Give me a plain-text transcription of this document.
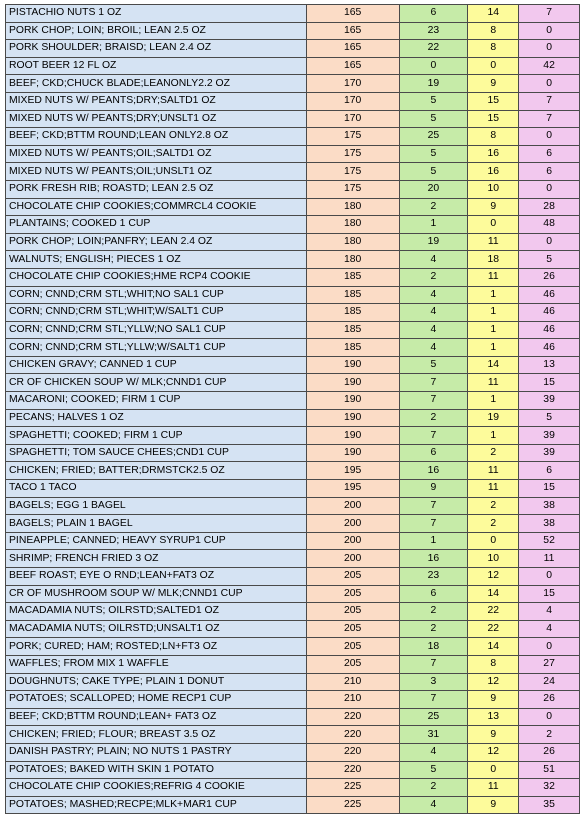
PISTACHIO NUTS 1 OZ	165	6	14	7
PORK CHOP; LOIN; BROIL; LEAN 2.5 OZ	165	23	8	0
PORK SHOULDER; BRAISD; LEAN 2.4 OZ	165	22	8	0
ROOT BEER 12 FL OZ	165	0	0	42
BEEF; CKD;CHUCK BLADE;LEANONLY2.2 OZ	170	19	9	0
MIXED NUTS W/ PEANTS;DRY;SALTD1 OZ	170	5	15	7
MIXED NUTS W/ PEANTS;DRY;UNSLT1 OZ	170	5	15	7
BEEF; CKD;BTTM ROUND;LEAN ONLY2.8 OZ	175	25	8	0
MIXED NUTS W/ PEANTS;OIL;SALTD1 OZ	175	5	16	6
MIXED NUTS W/ PEANTS;OIL;UNSLT1 OZ	175	5	16	6
PORK FRESH RIB; ROASTD; LEAN 2.5 OZ	175	20	10	0
CHOCOLATE CHIP COOKIES;COMMRCL4 COOKIE	180	2	9	28
PLANTAINS; COOKED 1 CUP	180	1	0	48
PORK CHOP; LOIN;PANFRY; LEAN 2.4 OZ	180	19	11	0
WALNUTS; ENGLISH; PIECES 1 OZ	180	4	18	5
CHOCOLATE CHIP COOKIES;HME RCP4 COOKIE	185	2	11	26
CORN; CNND;CRM STL;WHIT;NO SAL1 CUP	185	4	1	46
CORN; CNND;CRM STL;WHIT;W/SALT1 CUP	185	4	1	46
CORN; CNND;CRM STL;YLLW;NO SAL1 CUP	185	4	1	46
CORN; CNND;CRM STL;YLLW;W/SALT1 CUP	185	4	1	46
CHICKEN GRAVY; CANNED 1 CUP	190	5	14	13
CR OF CHICKEN SOUP W/ MLK;CNND1 CUP	190	7	11	15
MACARONI; COOKED; FIRM 1 CUP	190	7	1	39
PECANS; HALVES 1 OZ	190	2	19	5
SPAGHETTI; COOKED; FIRM 1 CUP	190	7	1	39
SPAGHETTI; TOM SAUCE CHEES;CND1 CUP	190	6	2	39
CHICKEN; FRIED; BATTER;DRMSTCK2.5 OZ	195	16	11	6
TACO 1 TACO	195	9	11	15
BAGELS; EGG 1 BAGEL	200	7	2	38
BAGELS; PLAIN 1 BAGEL	200	7	2	38
PINEAPPLE; CANNED; HEAVY SYRUP1 CUP	200	1	0	52
SHRIMP; FRENCH FRIED 3 OZ	200	16	10	11
BEEF ROAST; EYE O RND;LEAN+FAT3 OZ	205	23	12	0
CR OF MUSHROOM SOUP W/ MLK;CNND1 CUP	205	6	14	15
MACADAMIA NUTS; OILRSTD;SALTED1 OZ	205	2	22	4
MACADAMIA NUTS; OILRSTD;UNSALT1 OZ	205	2	22	4
PORK; CURED; HAM; ROSTED;LN+FT3 OZ	205	18	14	0
WAFFLES; FROM MIX 1 WAFFLE	205	7	8	27
DOUGHNUTS; CAKE TYPE; PLAIN 1 DONUT	210	3	12	24
POTATOES; SCALLOPED; HOME RECP1 CUP	210	7	9	26
BEEF; CKD;BTTM ROUND;LEAN+ FAT3 OZ	220	25	13	0
CHICKEN; FRIED; FLOUR; BREAST 3.5 OZ	220	31	9	2
DANISH PASTRY; PLAIN; NO NUTS 1 PASTRY	220	4	12	26
POTATOES; BAKED WITH SKIN 1 POTATO	220	5	0	51
CHOCOLATE CHIP COOKIES;REFRIG 4 COOKIE	225	2	11	32
POTATOES; MASHED;RECPE;MLK+MAR1 CUP	225	4	9	35
